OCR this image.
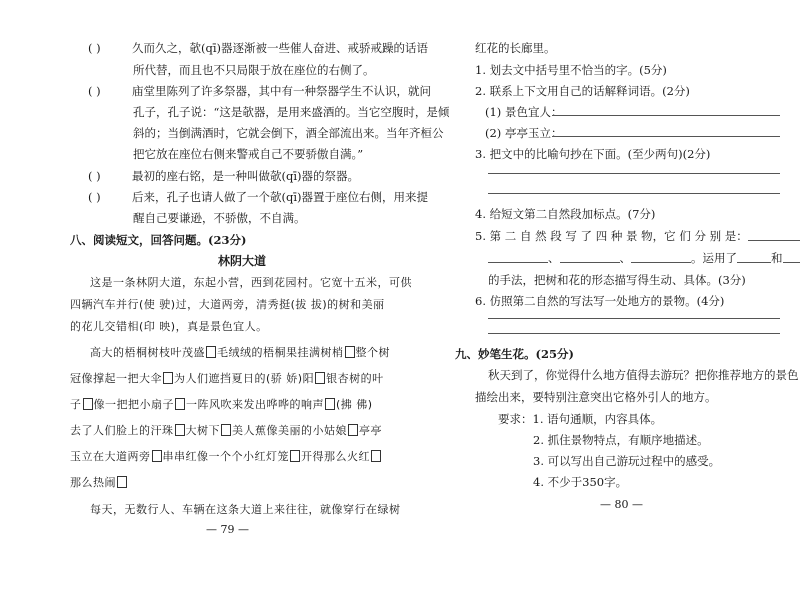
( )	久而久之，欹(qī)器逐渐被一些催人奋进、戒骄戒躁的话语
所代替，而且也不只局限于放在座位的右侧了。
( )	庙堂里陈列了许多祭器，其中有一种祭器学生不认识，就问
孔子，孔子说：“这是欹器，是用来盛酒的。当它空腹时，是倾
斜的；当倒满酒时，它就会倒下，酒全部流出来。当年齐桓公
把它放在座位右侧来警戒自己不要骄傲自满。”
( )	最初的座右铭，是一种叫做欹(qī)器的祭器。
( )	后来，孔子也请人做了一个欹(qī)器置于座位右侧，用来提
醒自己要谦逊，不骄傲，不自满。
八、阅读短文，回答问题。(23分)
林阴大道
这是一条林阴大道，东起小营，西到花园村。它宽十五米，可供
四辆汽车并行(使 驶)过，大道两旁，清秀挺(拔 拔)的树和美丽
的花儿交错相(印 映)，真是景色宜人。
高大的梧桐树枝叶茂盛 毛绒绒的梧桐果挂满树梢 整个树
冠像撑起一把大伞 为人们遮挡夏日的(骄 娇)阳 银杏树的叶
子 像一把把小扇子 一阵风吹来发出哗哗的响声 (拂 佛)
去了人们脸上的汗珠 大树下 美人蕉像美丽的小姑娘 亭亭
玉立在大道两旁 串串红像一个个小红灯笼 开得那么火红
那么热闹
每天，无数行人、车辆在这条大道上来往往，就像穿行在绿树
— 79 —
红花的长廊里。
1. 划去文中括号里不恰当的字。(5分)
2. 联系上下文用自己的话解释词语。(2分)
(1) 景色宜人：
(2) 亭亭玉立：
3. 把文中的比喻句抄在下面。(至少两句)(2分)
4. 给短文第二自然段加标点。(7分)
5. 第 二 自 然 段 写 了 四 种 景 物，它 们 分 别 是：
、	、	。运用了	和
的手法，把树和花的形态描写得生动、具体。(3分)
6. 仿照第二自然的写法写一处地方的景物。(4分)
九、妙笔生花。(25分)
秋天到了，你觉得什么地方值得去游玩？把你推荐地方的景色
描绘出来，要特别注意突出它格外引人的地方。
要求：1. 语句通顺，内容具体。
2. 抓住景物特点，有顺序地描述。
3. 可以写出自己游玩过程中的感受。
4. 不少于350字。
— 80 —
